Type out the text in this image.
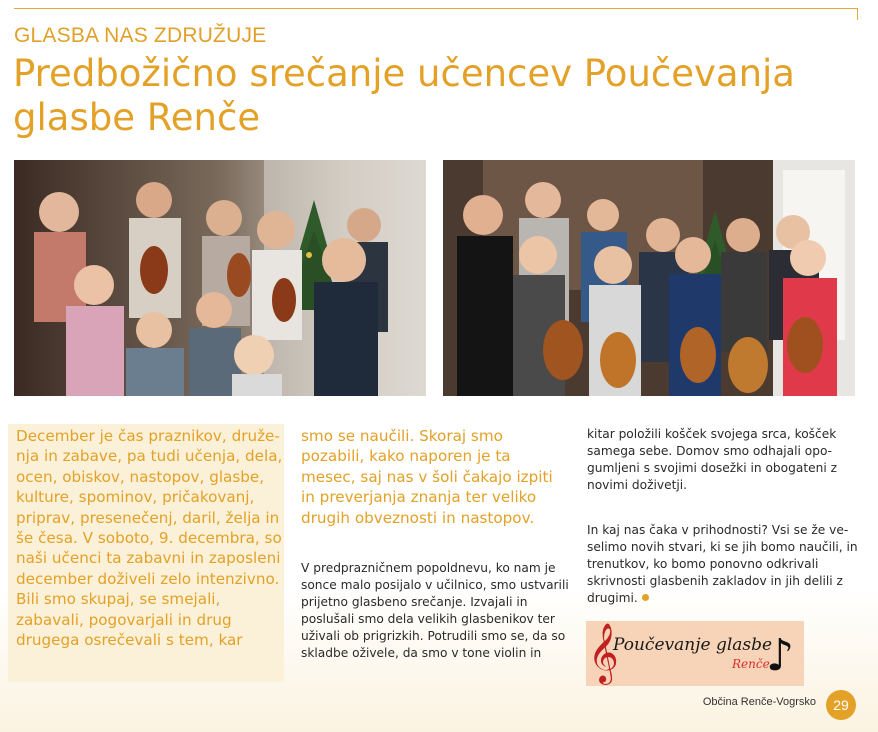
GLASBA NAS ZDRUŽUJE
Predbožično srečanje učencev Poučevanja glasbe Renče

December je čas praznikov, druženja in zabave, pa tudi učenja, dela, ocen, obiskov, nastopov, glasbe, kulture, spominov, pričakovanj, priprav, presenečenj, daril, želja in še česa. V soboto, 9. decembra, so naši učenci ta zabavni in zaposleni december doživeli zelo intenzivno. Bili smo skupaj, se smejali, zabavali, pogovarjali in drug drugega osrečevali s tem, kar

smo se naučili. Skoraj smo pozabili, kako naporen je ta mesec, saj nas v šoli čakajo izpiti in preverjanja znanja ter veliko drugih obveznosti in nastopov.

V predprazničnem popoldnevu, ko nam je sonce malo posijalo v učilnico, smo ustvarili prijetno glasbeno srečanje. Izvajali in poslušali smo dela velikih glasbenikov ter uživali ob prigrizkih. Potrudili smo se, da so skladbe oživele, da smo v tone violin in

kitar položili košček svojega srca, košček samega sebe. Domov smo odhajali opogumljeni s svojimi dosežki in obogateni z novimi doživetji.

In kaj nas čaka v prihodnosti? Vsi se že veselimo novih stvari, ki se jih bomo naučili, in trenutkov, ko bomo ponovno odkrivali skrivnosti glasbenih zakladov in jih delili z drugimi.

𝄞
Poučevanje glasbe
Renče
♪
Občina Renče-Vogrsko	29
